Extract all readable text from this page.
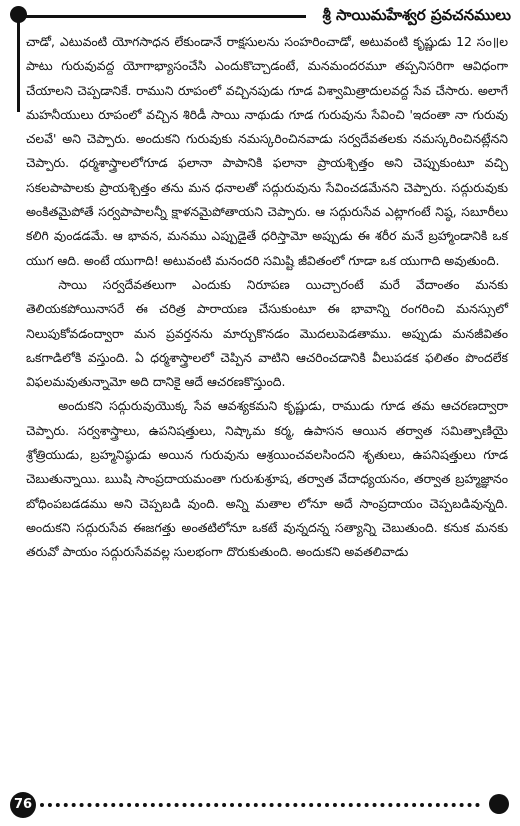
శ్రీ సాయిమహేశ్వర ప్రవచనములు

చాడో, ఎటువంటి యోగసాధన లేకుండానే రాక్షసులను సంహరించాడో, అటువంటి కృష్ణుడు 12 సం॥ల పాటు గురువువద్ద యోగాభ్యాసంచేసి ఎందుకొచ్చాడంటే, మనమందరమూ తప్పనిసరిగా ఆవిధంగా చేయాలని చెప్పడానికే. రాముని రూపంలో వచ్చినపుడు గూడ విశ్వామిత్రాదులవద్ద సేవ చేసారు. అలాగే మహనీయులు రూపంలో వచ్చిన శిరిడీ సాయి నాథుడు గూడ గురువును సేవించి 'ఇదంతా నా గురువు చలవే' అని చెప్పారు. అందుకని గురువుకు నమస్కరించినవాడు సర్వదేవతలకు నమస్కరించినట్లేనని చెప్పారు. ధర్మశాస్త్రాలలోగూడ ఫలానా పాపానికి ఫలానా ప్రాయశ్చిత్తం అని చెప్పుకుంటూ వచ్చి సకలపాపాలకు ప్రాయశ్చిత్తం తను మన ధనాలతో సద్గురువును సేవించడమేనని చెప్పారు. సద్గురువుకు అంకితమైపోతే సర్వపాపాలన్నీ క్షాళనమైపోతాయని చెప్పారు. ఆ సద్గురుసేవ ఎట్లాగంటే నిష్ఠ, సబూరీలు కలిగి వుండడమే. ఆ భావన, మనము ఎప్పుడైతే ధరిస్తామో అప్పుడు ఈ శరీర మనే బ్రహ్మాండానికి ఒక యుగ ఆది. అంటే యుగాది! అటువంటి మనందరి సమిష్టి జీవితంలో గూడా ఒక యుగాది అవుతుంది.

సాయి సర్వదేవతలుగా ఎందుకు నిరూపణ యిచ్చారంటే మరే వేదాంతం మనకు తెలియకపోయినాసరే ఈ చరిత్ర పారాయణ చేసుకుంటూ ఈ భావాన్ని రంగరించి మనస్సులో నిలుపుకోవడంద్వారా మన ప్రవర్తనను మార్చుకొనడం మొదలుపెడతాము. అప్పుడు మనజీవితం ఒకగాడిలోకి వస్తుంది. ఏ ధర్మశాస్త్రాలలో చెప్పిన వాటిని ఆచరించడానికి వీలుపడక ఫలితం పొందలేక విఫలమవుతున్నామో అది దానికై ఆదే ఆచరణకొస్తుంది.

అందుకని సద్గురువుయొక్క సేవ ఆవశ్యకమని కృష్ణుడు, రాముడు గూడ తమ ఆచరణద్వారా చెప్పారు. సర్వశాస్త్రాలు, ఉపనిషత్తులు, నిష్కామ కర్మ, ఉపాసన ఆయిన తర్వాత సమిత్పాణియై శ్రోత్రియుడు, బ్రహ్మనిష్ఠుడు అయిన గురువును ఆశ్రయించవలసిందని శృతులు, ఉపనిషత్తులు గూడ చెబుతున్నాయి. ఋషి సాంప్రదాయమంతా గురుశుశ్రూష, తర్వాత వేదాధ్యయనం, తర్వాత బ్రహ్మజ్ఞానం బోధింపబడడము అని చెప్పబడి వుంది. అన్ని మతాల లోనూ అదే సాంప్రదాయం చెప్పబడివున్నది. అందుకని సద్గురుసేవ ఈజగత్తు అంతటిలోనూ ఒకటే వున్నదన్న సత్యాన్ని చెబుతుంది. కనుక మనకు తరువో పాయం సద్గురుసేవవల్ల సులభంగా దొరుకుతుంది. అందుకని అవతలివాడు

76
